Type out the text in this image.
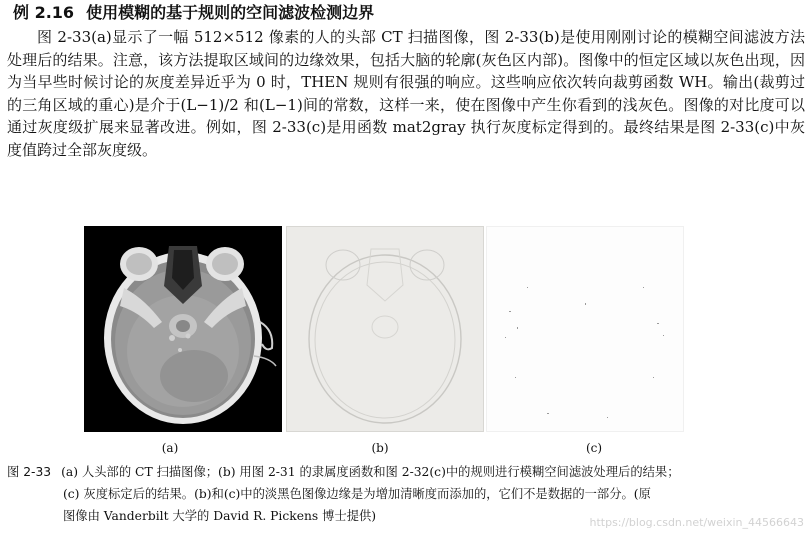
例 2.16 使用模糊的基于规则的空间滤波检测边界

图 2-33(a)显示了一幅 512×512 像素的人的头部 CT 扫描图像，图 2-33(b)是使用刚刚讨论的模糊空间滤波方法处理后的结果。注意，该方法提取区域间的边缘效果，包括大脑的轮廓(灰色区内部)。图像中的恒定区域以灰色出现，因为当早些时候讨论的灰度差异近乎为 0 时，THEN 规则有很强的响应。这些响应依次转向裁剪函数 WH。输出(裁剪过的三角区域的重心)是介于(L−1)/2 和(L−1)间的常数，这样一来，使在图像中产生你看到的浅灰色。图像的对比度可以通过灰度级扩展来显著改进。例如，图 2-33(c)是用函数 mat2gray 执行灰度标定得到的。最终结果是图 2-33(c)中灰度值跨过全部灰度级。

(a)	(b)	(c)
图 2-33 (a) 人头部的 CT 扫描图像；(b) 用图 2-31 的隶属度函数和图 2-32(c)中的规则进行模糊空间滤波处理后的结果；
(c) 灰度标定后的结果。(b)和(c)中的淡黑色图像边缘是为增加清晰度而添加的，它们不是数据的一部分。(原
图像由 Vanderbilt 大学的 David R. Pickens 博士提供)	https://blog.csdn.net/weixin_44566643
